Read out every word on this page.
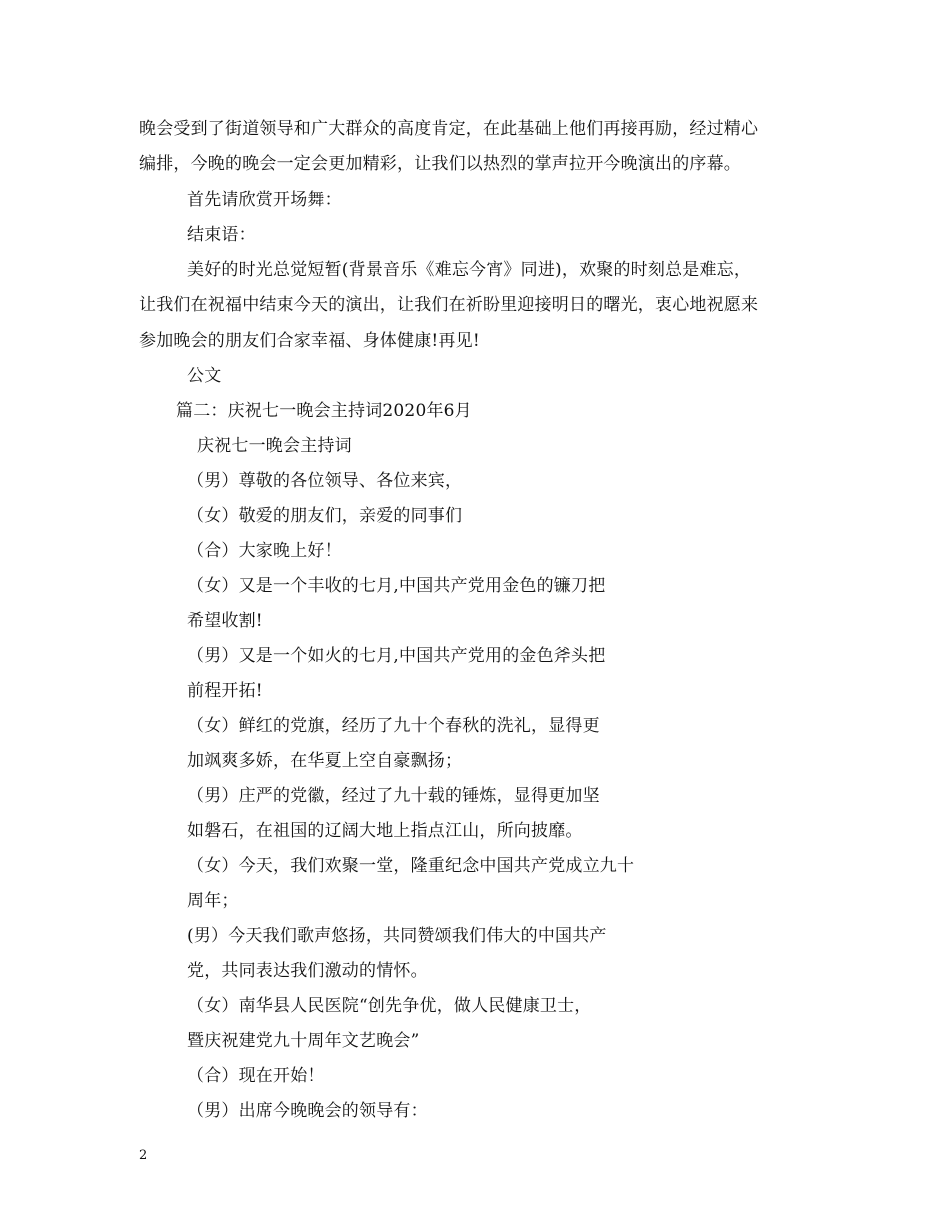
晚会受到了街道领导和广大群众的高度肯定，在此基础上他们再接再励，经过精心
编排，今晚的晚会一定会更加精彩，让我们以热烈的掌声拉开今晚演出的序幕。
首先请欣赏开场舞：
结束语：
美好的时光总觉短暂(背景音乐《难忘今宵》同进)，欢聚的时刻总是难忘，
让我们在祝福中结束今天的演出，让我们在祈盼里迎接明日的曙光，衷心地祝愿来
参加晚会的朋友们合家幸福、身体健康!再见!
公文
篇二：庆祝七一晚会主持词2020年6月
庆祝七一晚会主持词
（男）尊敬的各位领导、各位来宾，
（女）敬爱的朋友们，亲爱的同事们
（合）大家晚上好！
（女）又是一个丰收的七月,中国共产党用金色的镰刀把
希望收割!
（男）又是一个如火的七月,中国共产党用的金色斧头把
前程开拓!
（女）鲜红的党旗，经历了九十个春秋的洗礼，显得更
加飒爽多娇，在华夏上空自豪飘扬；
（男）庄严的党徽，经过了九十载的锤炼，显得更加坚
如磐石，在祖国的辽阔大地上指点江山，所向披靡。
（女）今天，我们欢聚一堂，隆重纪念中国共产党成立九十
周年；
(男）今天我们歌声悠扬，共同赞颂我们伟大的中国共产
党，共同表达我们激动的情怀。
（女）南华县人民医院“创先争优，做人民健康卫士，
暨庆祝建党九十周年文艺晚会”
（合）现在开始！
（男）出席今晚晚会的领导有：
2
